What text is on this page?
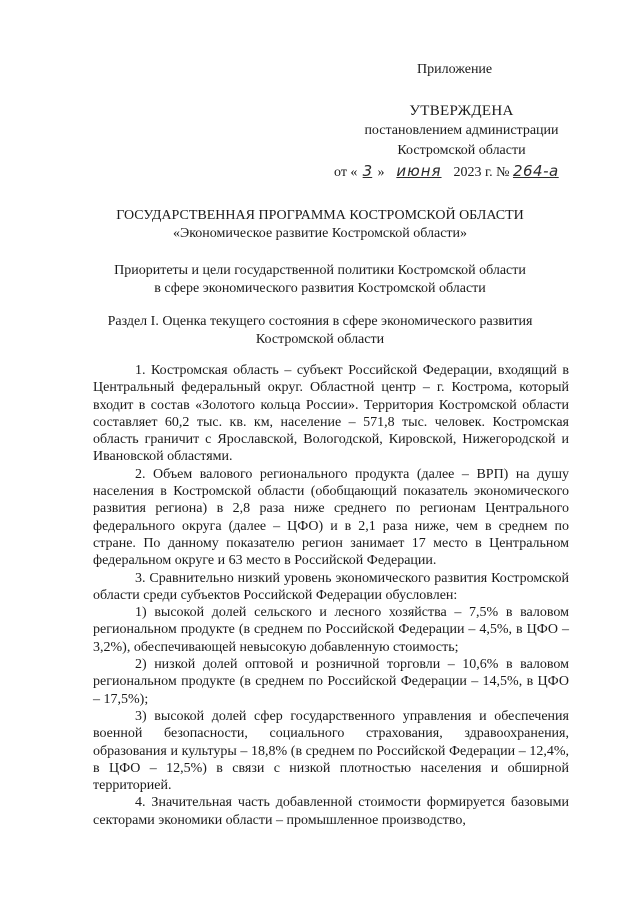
Приложение
УТВЕРЖДЕНА
постановлением администрации
Костромской области
от « 3 » июня 2023 г. № 264-а
ГОСУДАРСТВЕННАЯ ПРОГРАММА КОСТРОМСКОЙ ОБЛАСТИ
«Экономическое развитие Костромской области»
Приоритеты и цели государственной политики Костромской области
в сфере экономического развития Костромской области
Раздел I. Оценка текущего состояния в сфере экономического развития
Костромской области

1. Костромская область – субъект Российской Федерации, входящий в Центральный федеральный округ. Областной центр – г. Кострома, который входит в состав «Золотого кольца России». Территория Костромской области составляет 60,2 тыс. кв. км, население – 571,8 тыс. человек. Костромская область граничит с Ярославской, Вологодской, Кировской, Нижегородской и Ивановской областями.

2. Объем валового регионального продукта (далее – ВРП) на душу населения в Костромской области (обобщающий показатель экономического развития региона) в 2,8 раза ниже среднего по регионам Центрального федерального округа (далее – ЦФО) и в 2,1 раза ниже, чем в среднем по стране. По данному показателю регион занимает 17 место в Центральном федеральном округе и 63 место в Российской Федерации.

3. Сравнительно низкий уровень экономического развития Костромской области среди субъектов Российской Федерации обусловлен:

1) высокой долей сельского и лесного хозяйства – 7,5% в валовом региональном продукте (в среднем по Российской Федерации – 4,5%, в ЦФО – 3,2%), обеспечивающей невысокую добавленную стоимость;

2) низкой долей оптовой и розничной торговли – 10,6% в валовом региональном продукте (в среднем по Российской Федерации – 14,5%, в ЦФО – 17,5%);

3) высокой долей сфер государственного управления и обеспечения военной безопасности, социального страхования, здравоохранения, образования и культуры – 18,8% (в среднем по Российской Федерации – 12,4%, в ЦФО – 12,5%) в связи с низкой плотностью населения и обширной территорией.

4. Значительная часть добавленной стоимости формируется базовыми секторами экономики области – промышленное производство,
